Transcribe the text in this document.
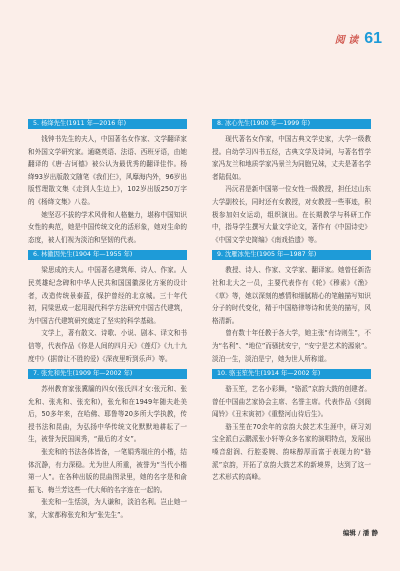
阅 读 61
5. 杨绛先生(1911 年—2016 年)

钱钟书先生的夫人，中国著名女作家、文学翻译家和外国文学研究家。通晓英语、法语、西班牙语，由她翻译的《唐·吉诃德》被公认为最优秀的翻译佳作。杨绛93岁出版散文随笔《我们仨》，风靡海内外，96岁出版哲理散文集《走到人生边上》，102岁出版250万字的《杨绛文集》八卷。

她坚忍不拔的学术风骨和人格魅力，堪称中国知识女性的典范，她是中国传统文化的活形象，她对生命的态度，被人们视为淡泊和坚韧的代表。

6. 林徽因先生(1904 年—1955 年)

梁思成的夫人。中国著名建筑师、诗人、作家。人民英雄纪念碑和中华人民共和国国徽深化方案的设计者，改造传统景泰蓝，保护曾经的北京城。三十年代初，同梁思成一起用现代科学方法研究中国古代建筑，为中国古代建筑研究奠定了坚实的科学基础。

文学上，著有散文、诗歌、小说、剧本、译文和书信等，代表作品《你是人间的四月天》《莲灯》《九十九度中》(据曾让不胜的爱)《深夜里听到乐声》等。

7. 张允和先生(1909 年—2002 年)

苏州教育家张冀牖的四女(张氏四才女:张元和、张允和、张兆和、张充和)，张允和在1949年随夫赴美后，50多年来，在哈佛、耶鲁等20多所大学执教，传授书法和昆曲，为弘扬中华传统文化默默地耕耘了一生，被誉为民国闺秀，“最后的才女”。

张充和的书法各体皆备，一笔娟秀端庄的小楷，结体沉静，有力深稳。尤为世人所重，被誉为“当代小楷第一人”。在各种出版的昆曲图录里，她的名字是和俞振飞、梅兰芳这些一代大师的名字连在一起的。

张充和一生恬淡，为人谦和，淡泊名利。岂止她一家，大家都称张充和为“张先生”。

8. 冰心先生(1900 年—1999 年)

现代著名女作家，中国古典文学史家，大学一级教授。自幼学习四书五经，古典文学及诗词，与著名哲学家冯友兰和地质学家冯景兰为同胞兄妹，丈夫是著名学者陆侃如。

冯沅君是新中国第一位女性一级教授，担任过山东大学副校长，同时还有女教授，对女教授一些事迹，积极参加妇女运动，组织演出。在长期教学与科研工作中，指导学生撰写大量文学论文，著作有《中国诗史》《中国文学史简编》《南戏拾遗》等。

9. 沈雁冰先生(1905 年—1987 年)

教授、诗人、作家、文学家、翻译家。她曾任新浩社和北大之一员，主要代表作有《轮》《穆素》《渔》《草》等，她以深刻的感情和细腻精心的笔触描写知识分子的时代变化，精于中国格律等诗和优美的描写，风格清新。

曾有数十年任教于各大学，她主张“有诗则生”，不为“名利”、“地位”而骚扰安宁，“安宁是艺术的源泉”。淡泊一生，淡泊是宁，她为世人所称道。

10. 骆玉笙先生(1914 年—2002 年)

骆玉笙，艺名小彩舞，“骆派”京韵大鼓的创建者。曾任中国曲艺家协会主席、名誉主席。代表作品《剑阁闻铃》《丑末寅初》《重整河山待后生》。

骆玉笙在70余年的京韵大鼓艺术生涯中，研习刘宝全派白云鹏派张小轩等众多名家的演唱特点，发展出嗓音甜润、行腔委婉、韵味醇厚而富于表现力的“骆派”京韵，开拓了京韵大鼓艺术的新境界，达到了这一艺术形式的高峰。

编辑 / 潘 静
